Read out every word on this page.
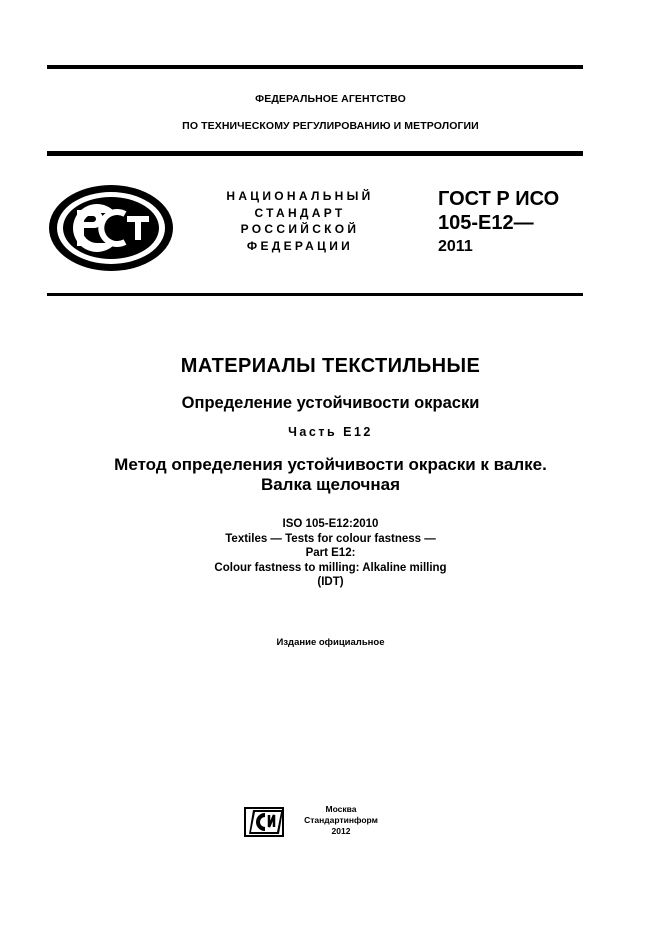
ФЕДЕРАЛЬНОЕ АГЕНТСТВО
ПО ТЕХНИЧЕСКОМУ РЕГУЛИРОВАНИЮ И МЕТРОЛОГИИ
НАЦИОНАЛЬНЫЙ
СТАНДАРТ
РОССИЙСКОЙ
ФЕДЕРАЦИИ
ГОСТ Р ИСО
105-Е12—
2011
МАТЕРИАЛЫ ТЕКСТИЛЬНЫЕ
Определение устойчивости окраски
Часть Е12
Метод определения устойчивости окраски к валке.
Валка щелочная
ISO 105-E12:2010
Textiles — Tests for colour fastness —
Part E12:
Colour fastness to milling: Alkaline milling
(IDT)
Издание официальное
Москва
Стандартинформ
2012
